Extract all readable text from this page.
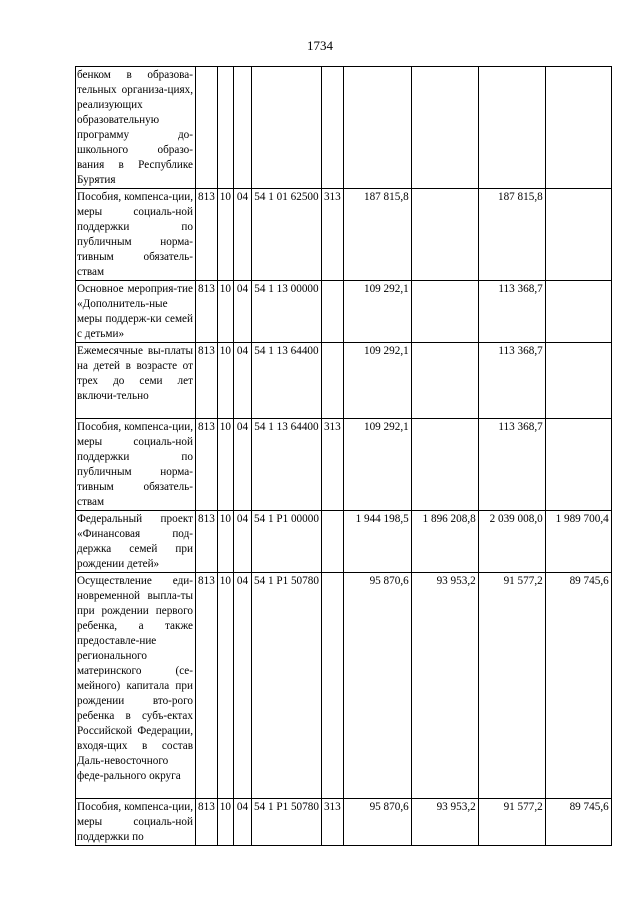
1734
бенком в образова-тельных организа-циях, реализующих образовательную программу до-школьного образо-вания в Республике Бурятия									
Пособия, компенса-ции, меры социаль-ной поддержки по публичным норма-тивным обязатель-ствам	813	10	04	54 1 01 62500	313	187 815,8		187 815,8	
Основное мероприя-тие «Дополнитель-ные меры поддерж-ки семей с детьми»	813	10	04	54 1 13 00000		109 292,1		113 368,7	
Ежемесячные вы-платы на детей в возрасте от трех до семи лет включи-тельно	813	10	04	54 1 13 64400		109 292,1		113 368,7	
Пособия, компенса-ции, меры социаль-ной поддержки по публичным норма-тивным обязатель-ствам	813	10	04	54 1 13 64400	313	109 292,1		113 368,7	
Федеральный проект «Финансовая под-держка семей при рождении детей»	813	10	04	54 1 Р1 00000		1 944 198,5	1 896 208,8	2 039 008,0	1 989 700,4
Осуществление еди-новременной выпла-ты при рождении первого ребенка, а также предоставле-ние регионального материнского (се-мейного) капитала при рождении вто-рого ребенка в субъ-ектах Российской Федерации, входя-щих в состав Даль-невосточного феде-рального округа	813	10	04	54 1 Р1 50780		95 870,6	93 953,2	91 577,2	89 745,6
Пособия, компенса-ции, меры социаль-ной поддержки по	813	10	04	54 1 Р1 50780	313	95 870,6	93 953,2	91 577,2	89 745,6
